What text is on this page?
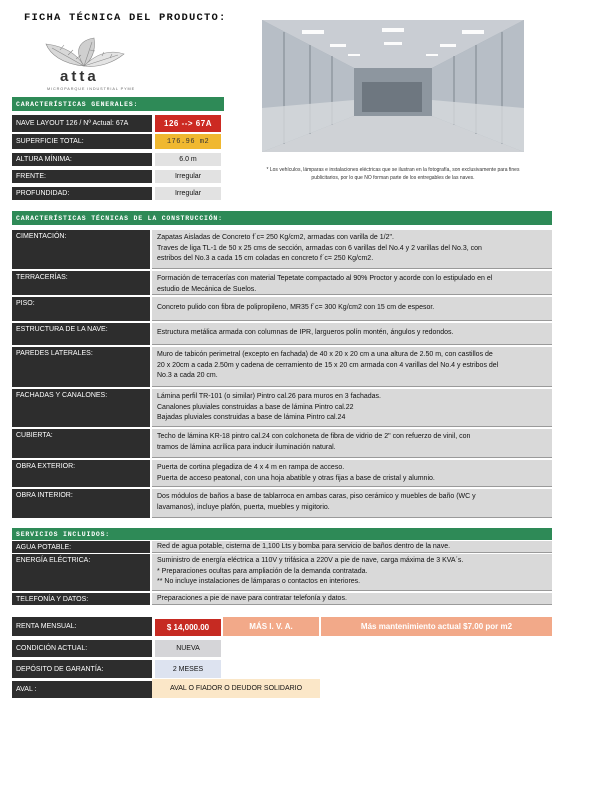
FICHA TÉCNICA DEL PRODUCTO:
atta
MICROPARQUE INDUSTRIAL PYME
* Los vehículos, lámparas e instalaciones eléctricas que se ilustran en la fotografía, son exclusivamente para fines publicitarios, por lo que NO forman parte de los entregables de las naves.
CARACTERÍSTICAS GENERALES:
NAVE LAYOUT 126 / Nº Actual: 67A	126 --> 67A
SUPERFICIE TOTAL:	176.96 m2
ALTURA MÍNIMA:	6.0 m
FRENTE:	Irregular
PROFUNDIDAD:	Irregular
CARACTERÍSTICAS TÉCNICAS DE LA CONSTRUCCIÓN:
CIMENTACIÓN:	Zapatas Aisladas de Concreto f´c= 250 Kg/cm2, armadas con varilla de 1/2".
Traves de liga TL-1 de 50 x 25 cms de sección, armadas con 6 varillas del No.4 y 2 varillas del No.3, con
estribos del No.3 a cada 15 cm coladas en concreto f´c= 250 Kg/cm2.
TERRACERÍAS:	Formación de terracerías con material Tepetate compactado al 90% Proctor y acorde con lo estipulado en el
estudio de Mecánica de Suelos.
PISO:
Concreto pulido con fibra de polipropileno, MR35 f´c= 300 Kg/cm2 con 15 cm de espesor.
ESTRUCTURA DE LA NAVE:	Estructura metálica armada con columnas de IPR, largueros polín montén, ángulos y redondos.
PAREDES LATERALES:	Muro de tabicón perimetral (excepto en fachada) de 40 x 20 x 20 cm a una altura de 2.50 m, con castillos de
20 x 20cm a cada 2.50m y cadena de cerramiento de 15 x 20 cm armada con 4 varillas del No.4 y estribos del
No.3 a cada 20 cm.
FACHADAS Y CANALONES:	Lámina perfil TR-101 (o similar) Pintro cal.26 para muros en 3 fachadas.
Canalones pluviales construidas a base de lámina Pintro cal.22
Bajadas pluviales construidas a base de lámina Pintro cal.24
CUBIERTA:	Techo de lámina KR-18 pintro cal.24 con colchoneta de fibra de vidrio de 2" con refuerzo de vinil, con
tramos de lámina acrílica para inducir iluminación natural.
OBRA EXTERIOR:	Puerta de cortina plegadiza de 4 x 4 m en rampa de acceso.
Puerta de acceso peatonal, con una hoja abatible y otras fijas a base de cristal y alumnio.
OBRA INTERIOR:	Dos módulos de baños a base de tablarroca en ambas caras, piso cerámico y muebles de baño (WC y
lavamanos), incluye plafón, puerta, muebles y migitorio.
SERVICIOS INCLUIDOS:
AGUA POTABLE:	Red de agua potable, cisterna de 1,100 Lts y bomba para servicio de baños dentro de la nave.
ENERGÍA ELÉCTRICA:	Suministro de energía eléctrica a 110V y trifásica a 220V a pie de nave, carga máxima de 3 KVA´s.
* Preparaciones ocultas para ampliación de la demanda contratada.
** No incluye instalaciones de lámparas o contactos en interiores.
TELEFONÍA Y DATOS:	Preparaciones a pie de nave para contratar telefonía y datos.
RENTA MENSUAL:	$ 14,000.00	MÁS I. V. A.	Más mantenimiento actual $7.00 por m2
CONDICIÓN ACTUAL:	NUEVA
DEPÓSITO DE GARANTÍA:	2 MESES
AVAL :	AVAL O FIADOR O DEUDOR SOLIDARIO
